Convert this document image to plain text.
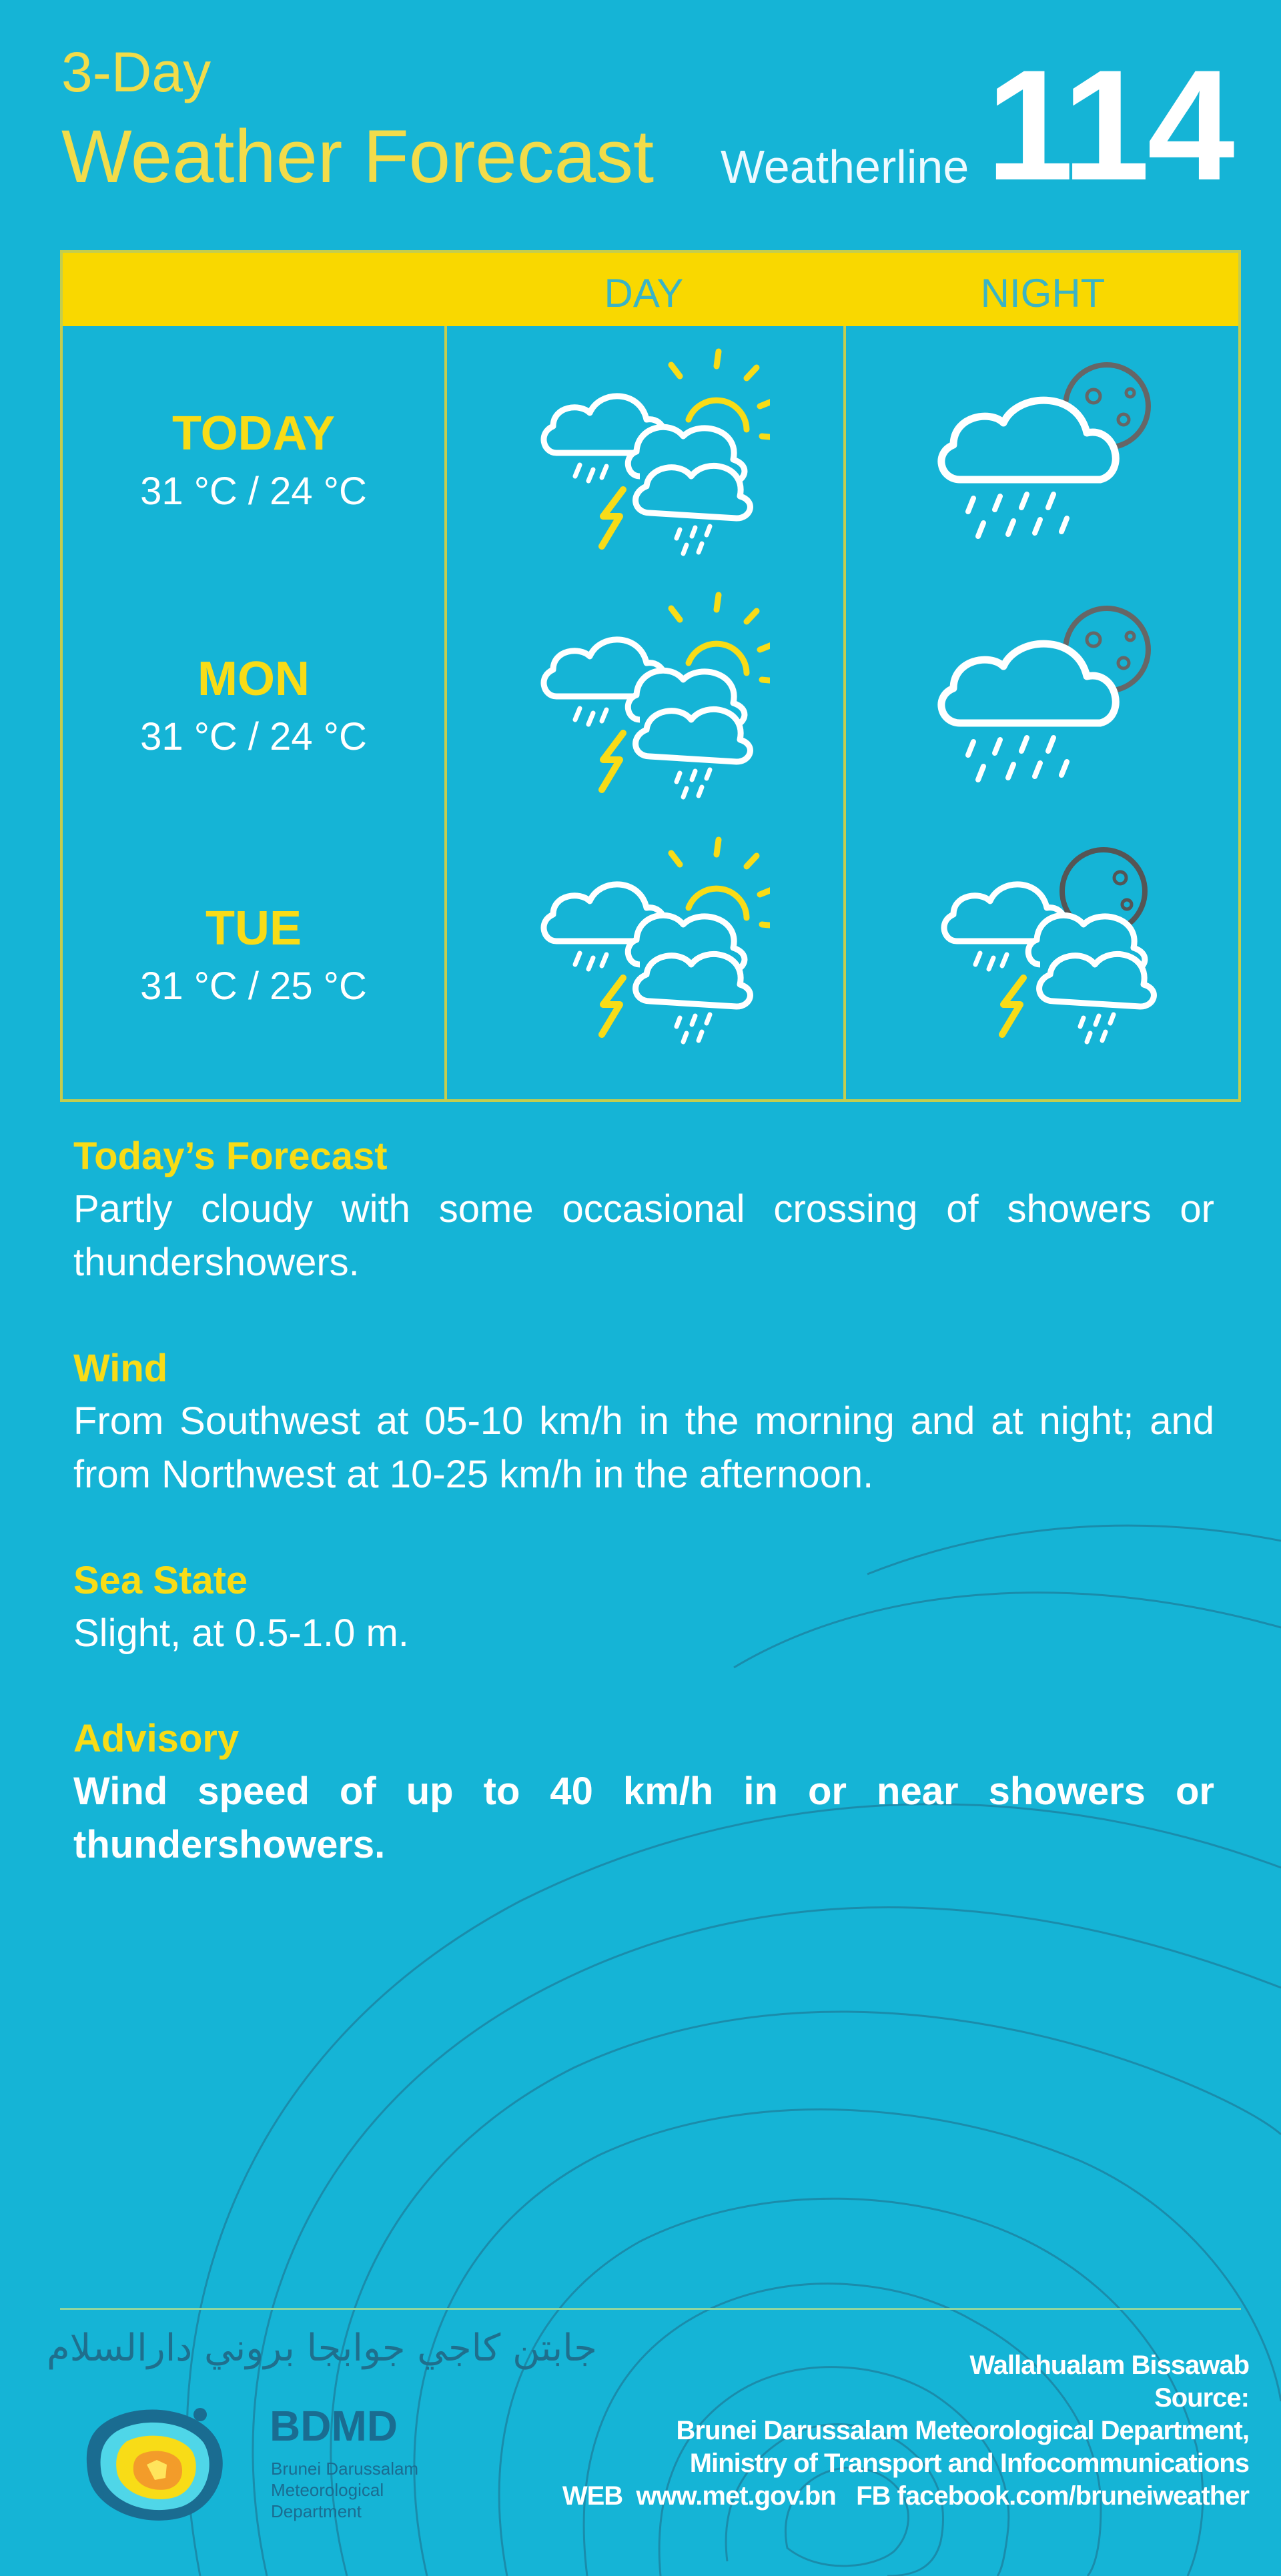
3-Day
Weather Forecast Weatherline 114
DAY	NIGHT
TODAY
31 °C / 24 °C
MON
31 °C / 24 °C
TUE
31 °C / 25 °C
Today’s Forecast
Partly cloudy with some occasional crossing of showers or thundershowers.
Wind
From Southwest at 05-10 km/h in the morning and at night; and from Northwest at 10-25 km/h in the afternoon.
Sea State
Slight, at 0.5-1.0 m.
Advisory
Wind speed of up to 40 km/h in or near showers or thundershowers.
جابتن كاجي جوابجا بروني دارالسلام
BDMD
Brunei Darussalam
Meteorological
Department
Wallahualam Bissawab
Source:
Brunei Darussalam Meteorological Department,
Ministry of Transport and Infocommunications
WEB  www.met.gov.bn   FB facebook.com/bruneiweather
